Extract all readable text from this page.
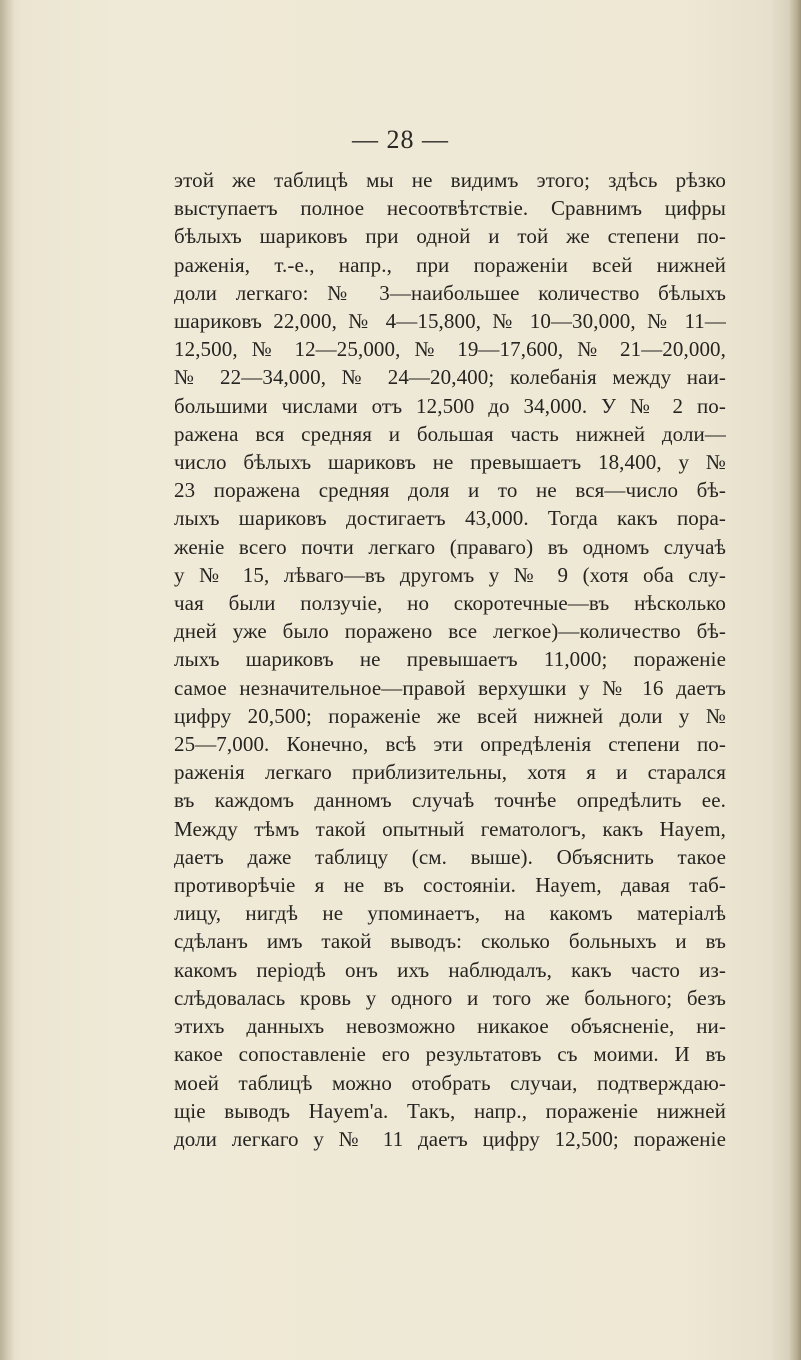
— 28 —
этой же таблицѣ мы не видимъ этого; здѣсь рѣзко
выступаетъ полное несоотвѣтствіе. Сравнимъ цифры
бѣлыхъ шариковъ при одной и той же степени по-
раженія, т.-е., напр., при пораженіи всей нижней
доли легкаго: № 3—наибольшее количество бѣлыхъ
шариковъ 22,000, № 4—15,800, № 10—30,000, № 11—
12,500, № 12—25,000, № 19—17,600, № 21—20,000,
№ 22—34,000, № 24—20,400; колебанія между наи-
большими числами отъ 12,500 до 34,000. У № 2 по-
ражена вся средняя и большая часть нижней доли—
число бѣлыхъ шариковъ не превышаетъ 18,400, у №
23 поражена средняя доля и то не вся—число бѣ-
лыхъ шариковъ достигаетъ 43,000. Тогда какъ пора-
женіе всего почти легкаго (праваго) въ одномъ случаѣ
у № 15, лѣваго—въ другомъ у № 9 (хотя оба слу-
чая были ползучіе, но скоротечные—въ нѣсколько
дней уже было поражено все легкое)—количество бѣ-
лыхъ шариковъ не превышаетъ 11,000; пораженіе
самое незначительное—правой верхушки у № 16 даетъ
цифру 20,500; пораженіе же всей нижней доли у №
25—7,000. Конечно, всѣ эти опредѣленія степени по-
раженія легкаго приблизительны, хотя я и старался
въ каждомъ данномъ случаѣ точнѣе опредѣлить ее.
Между тѣмъ такой опытный гематологъ, какъ Hayem,
даетъ даже таблицу (см. выше). Объяснить такое
противорѣчіе я не въ состояніи. Hayem, давая таб-
лицу, нигдѣ не упоминаетъ, на какомъ матеріалѣ
сдѣланъ имъ такой выводъ: сколько больныхъ и въ
какомъ періодѣ онъ ихъ наблюдалъ, какъ часто из-
слѣдовалась кровь у одного и того же больного; безъ
этихъ данныхъ невозможно никакое объясненіе, ни-
какое сопоставленіе его результатовъ съ моими. И въ
моей таблицѣ можно отобрать случаи, подтверждаю-
щіе выводъ Hayem'a. Такъ, напр., пораженіе нижней
доли легкаго у № 11 даетъ цифру 12,500; пораженіе
